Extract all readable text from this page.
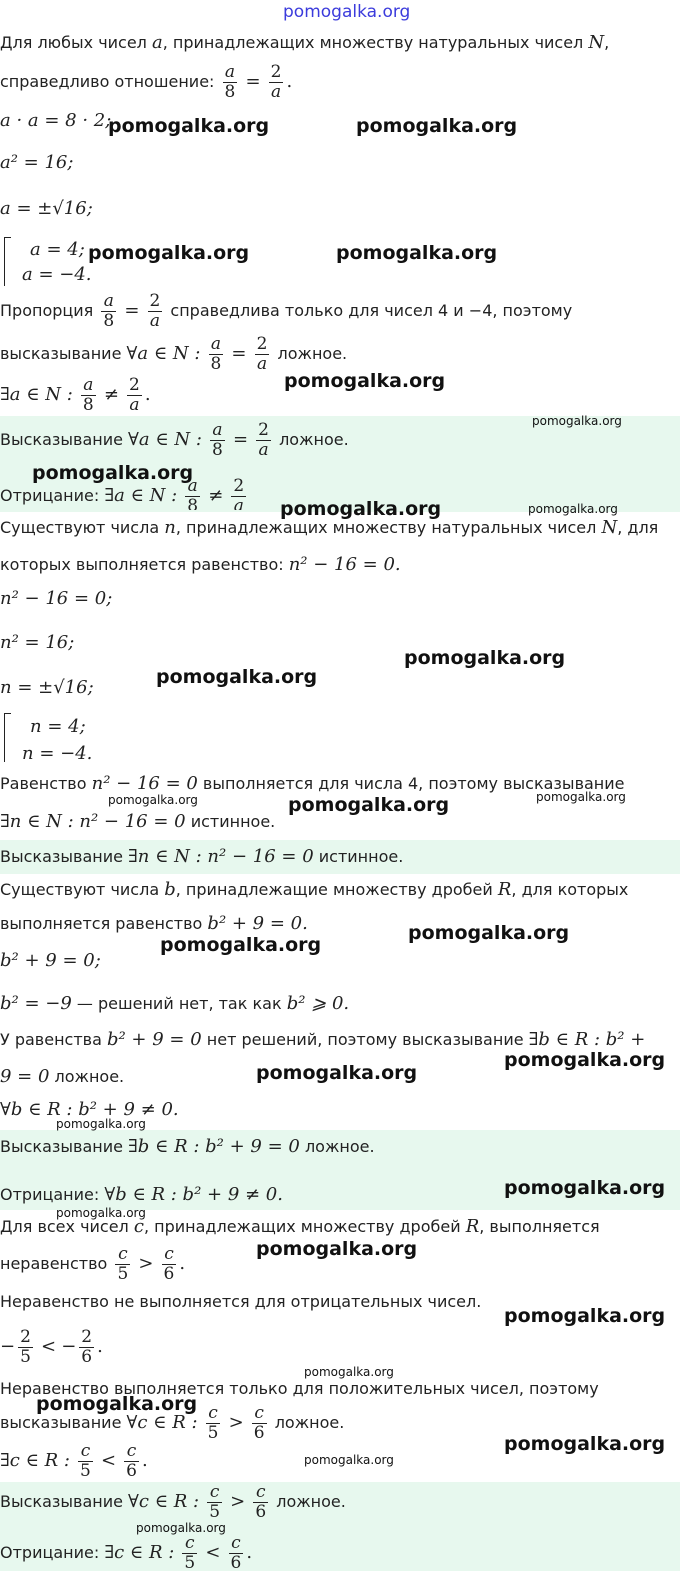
Для любых чисел a, принадлежащих множеству натуральных чисел N,
справедливо отношение: $\frac{a}{8} = \frac{2}{a}$ .
a · a = 8 · 2;
a² = 16;
a = ±√16;
a = 4;
a = −4.
Пропорция $\frac{a}{8} = \frac{2}{a}$ справедлива только для чисел 4 и −4, поэтому
высказывание ∀a ∈ N : $\frac{a}{8} = \frac{2}{a}$ ложное.
∃a ∈ N : $\frac{a}{8} \ne \frac{2}{a}$ .
Высказывание ∀a ∈ N : $\frac{a}{8} = \frac{2}{a}$ ложное.
Отрицание: ∃a ∈ N : $\frac{a}{8} \ne \frac{2}{a}$
Существуют числа n, принадлежащих множеству натуральных чисел N, для
которых выполняется равенство: n² − 16 = 0.
n² − 16 = 0;
n² = 16;
n = ±√16;
n = 4;
n = −4.
Равенство n² − 16 = 0 выполняется для числа 4, поэтому высказывание
∃n ∈ N : n² − 16 = 0 истинное.
Высказывание ∃n ∈ N : n² − 16 = 0 истинное.
Существуют числа b, принадлежащие множеству дробей R, для которых
выполняется равенство b² + 9 = 0.
b² + 9 = 0;
b² = −9 — решений нет, так как b² ⩾ 0.
У равенства b² + 9 = 0 нет решений, поэтому высказывание ∃b ∈ R : b² +
9 = 0 ложное.
∀b ∈ R : b² + 9 ≠ 0.
Высказывание ∃b ∈ R : b² + 9 = 0 ложное.
Отрицание: ∀b ∈ R : b² + 9 ≠ 0.
Для всех чисел c, принадлежащих множеству дробей R, выполняется
неравенство $\frac{c}{5} > \frac{c}{6}$ .
Неравенство не выполняется для отрицательных чисел.
− $\frac{2}{5}$ < − $\frac{2}{6}$ .
Неравенство выполняется только для положительных чисел, поэтому
высказывание ∀c ∈ R : $\frac{c}{5} > \frac{c}{6}$ ложное.
∃c ∈ R : $\frac{c}{5} < \frac{c}{6}$ .
Высказывание ∀c ∈ R : $\frac{c}{5} > \frac{c}{6}$ ложное.
Отрицание: ∃c ∈ R : $\frac{c}{5} < \frac{c}{6}$ .
pomogalka.org
pomogalka.org	pomogalka.org
pomogalka.org	pomogalka.org
pomogalka.org
pomogalka.org
pomogalka.org
pomogalka.org	pomogalka.org
pomogalka.org
pomogalka.org
pomogalka.org	pomogalka.org	pomogalka.org
pomogalka.org
pomogalka.org
pomogalka.org
pomogalka.org
pomogalka.org
pomogalka.org
pomogalka.org
pomogalka.org
pomogalka.org
pomogalka.org
pomogalka.org
pomogalka.org
pomogalka.org
pomogalka.org
